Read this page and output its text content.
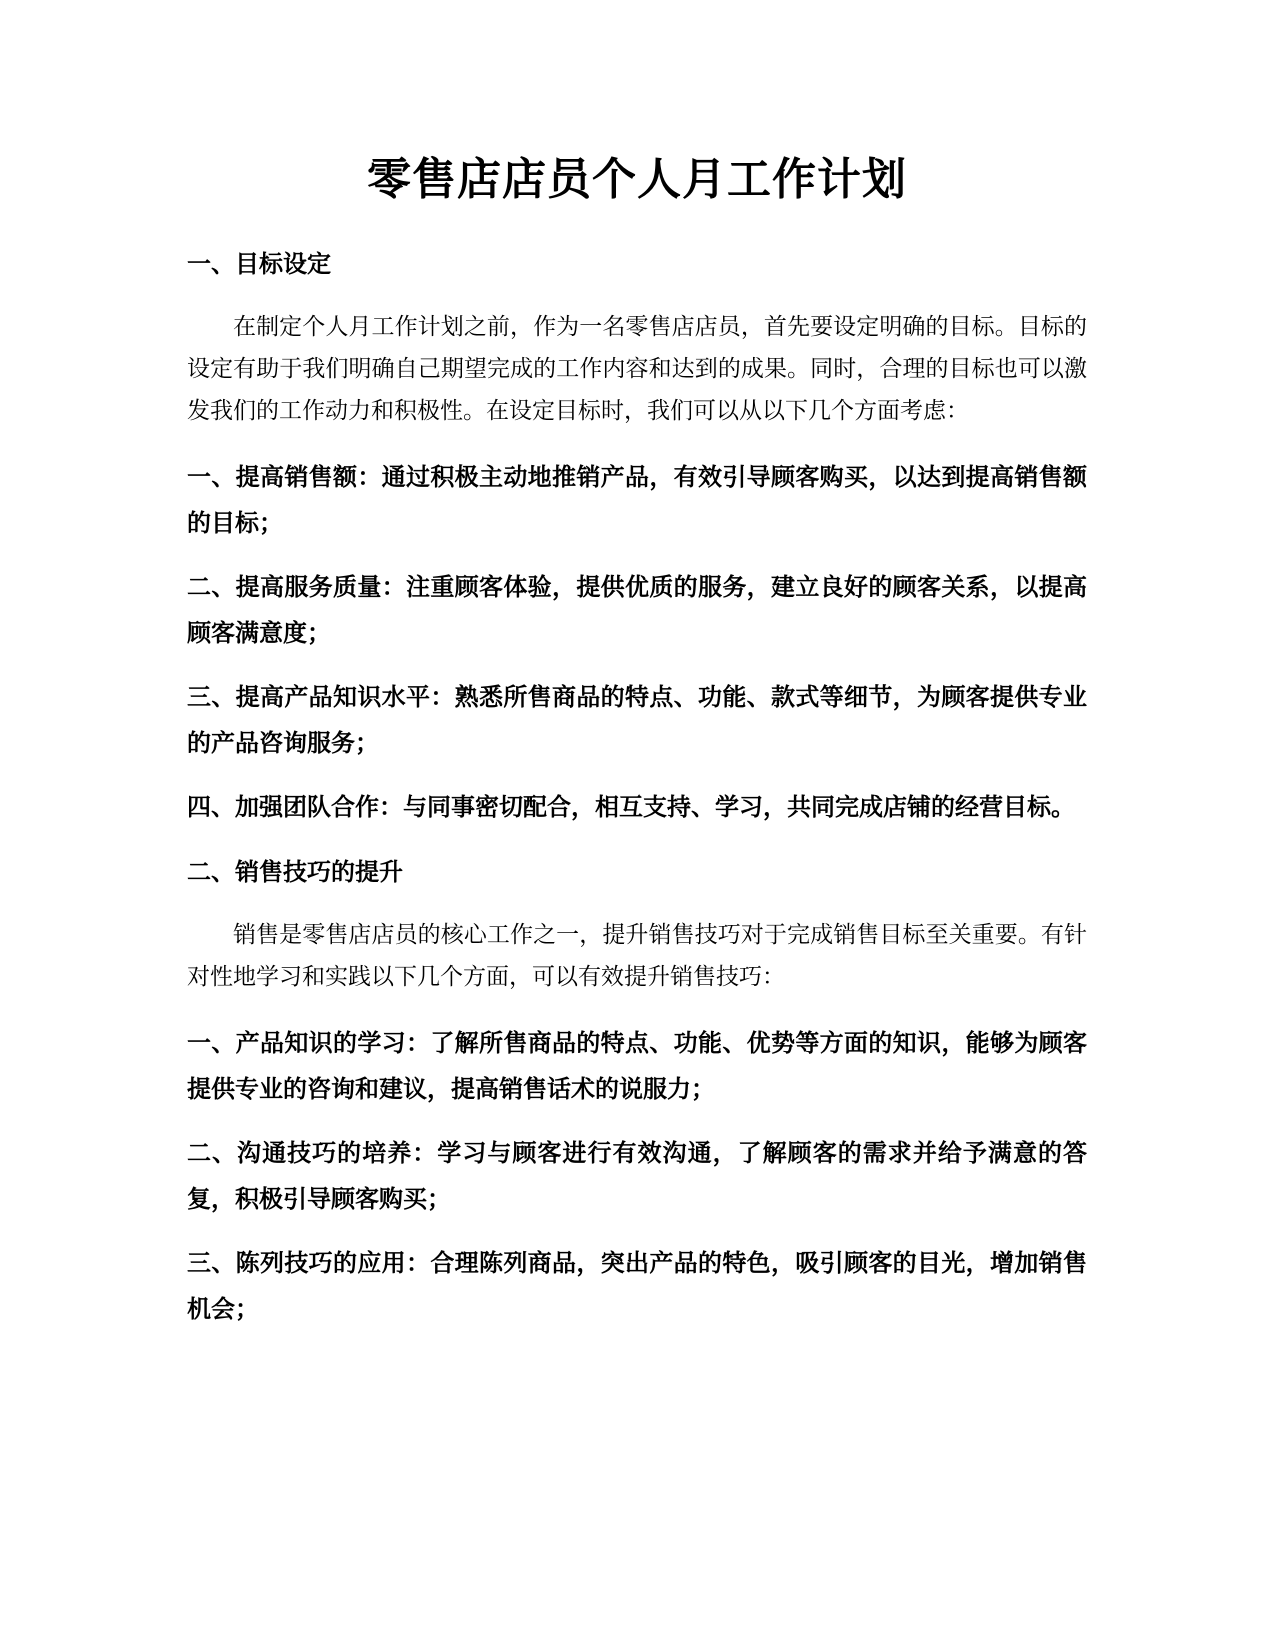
零售店店员个人月工作计划
一、目标设定

在制定个人月工作计划之前，作为一名零售店店员，首先要设定明确的目标。目标的设定有助于我们明确自己期望完成的工作内容和达到的成果。同时，合理的目标也可以激发我们的工作动力和积极性。在设定目标时，我们可以从以下几个方面考虑：

一、提高销售额：通过积极主动地推销产品，有效引导顾客购买，以达到提高销售额的目标；

二、提高服务质量：注重顾客体验，提供优质的服务，建立良好的顾客关系，以提高顾客满意度；

三、提高产品知识水平：熟悉所售商品的特点、功能、款式等细节，为顾客提供专业的产品咨询服务；

四、加强团队合作：与同事密切配合，相互支持、学习，共同完成店铺的经营目标。

二、销售技巧的提升

销售是零售店店员的核心工作之一，提升销售技巧对于完成销售目标至关重要。有针对性地学习和实践以下几个方面，可以有效提升销售技巧：

一、产品知识的学习：了解所售商品的特点、功能、优势等方面的知识，能够为顾客提供专业的咨询和建议，提高销售话术的说服力；

二、沟通技巧的培养：学习与顾客进行有效沟通，了解顾客的需求并给予满意的答复，积极引导顾客购买；

三、陈列技巧的应用：合理陈列商品，突出产品的特色，吸引顾客的目光，增加销售机会；
